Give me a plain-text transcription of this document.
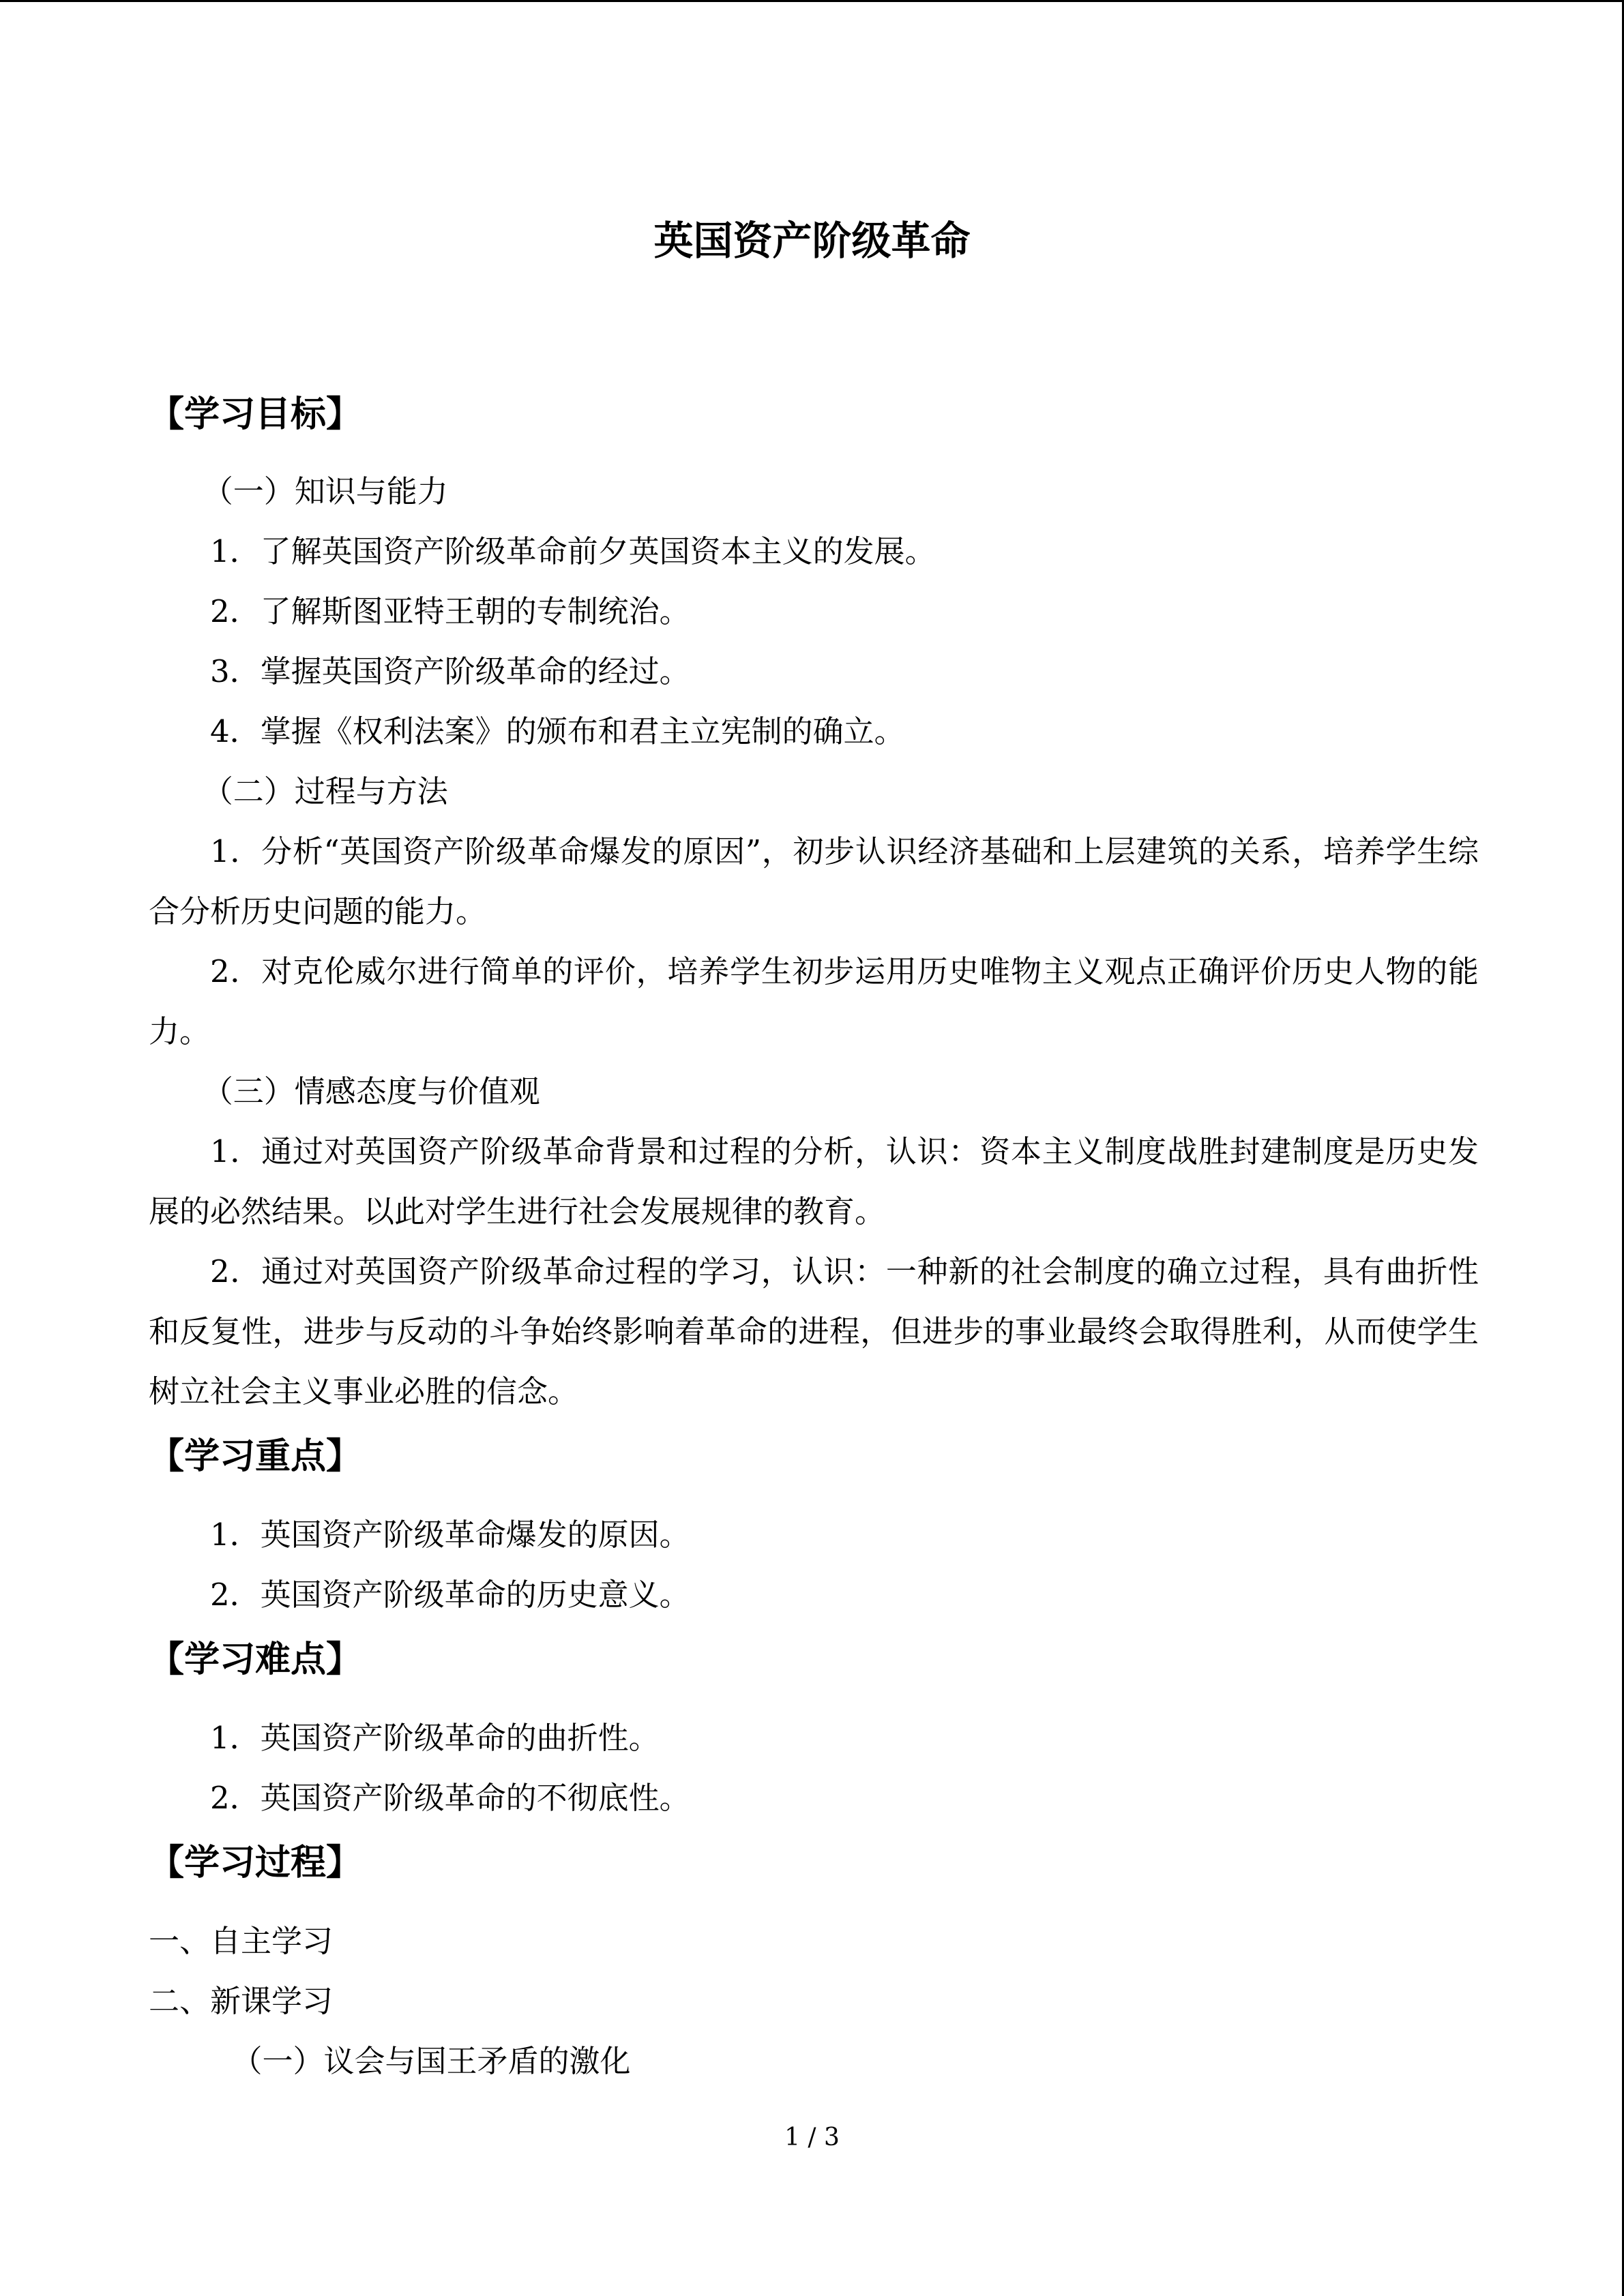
英国资产阶级革命
【学习目标】

（一）知识与能力

1．了解英国资产阶级革命前夕英国资本主义的发展。

2．了解斯图亚特王朝的专制统治。

3．掌握英国资产阶级革命的经过。

4．掌握《权利法案》的颁布和君主立宪制的确立。

（二）过程与方法

1．分析“英国资产阶级革命爆发的原因”，初步认识经济基础和上层建筑的关系，培养学生综合分析历史问题的能力。

2．对克伦威尔进行简单的评价，培养学生初步运用历史唯物主义观点正确评价历史人物的能力。

（三）情感态度与价值观

1．通过对英国资产阶级革命背景和过程的分析，认识：资本主义制度战胜封建制度是历史发展的必然结果。以此对学生进行社会发展规律的教育。

2．通过对英国资产阶级革命过程的学习，认识：一种新的社会制度的确立过程，具有曲折性和反复性，进步与反动的斗争始终影响着革命的进程，但进步的事业最终会取得胜利，从而使学生树立社会主义事业必胜的信念。

【学习重点】

1．英国资产阶级革命爆发的原因。

2．英国资产阶级革命的历史意义。

【学习难点】

1．英国资产阶级革命的曲折性。

2．英国资产阶级革命的不彻底性。

【学习过程】

一、自主学习

二、新课学习

（一）议会与国王矛盾的激化

1 / 3
